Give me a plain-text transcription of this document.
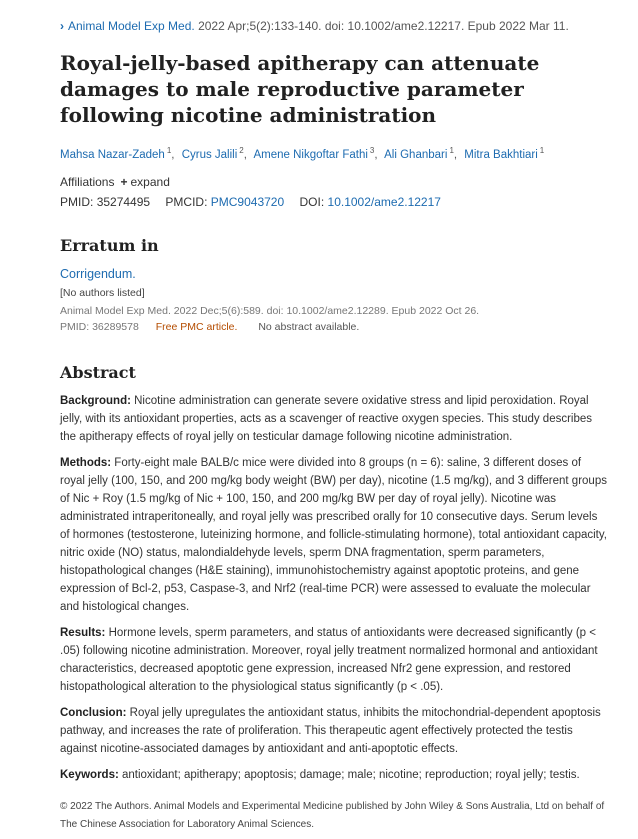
› Animal Model Exp Med. 2022 Apr;5(2):133-140. doi: 10.1002/ame2.12217. Epub 2022 Mar 11.
Royal-jelly-based apitherapy can attenuate damages to male reproductive parameter following nicotine administration
Mahsa Nazar-Zadeh $^1$, Cyrus Jalili $^2$, Amene Nikgoftar Fathi $^3$, Ali Ghanbari $^1$, Mitra Bakhtiari $^1$
Affiliations + expand
PMID: 35274495 PMCID: PMC9043720 DOI: 10.1002/ame2.12217
Erratum in
Corrigendum.
[No authors listed]
Animal Model Exp Med. 2022 Dec;5(6):589. doi: 10.1002/ame2.12289. Epub 2022 Oct 26.
PMID: 36289578 Free PMC article. No abstract available.
Abstract

Background: Nicotine administration can generate severe oxidative stress and lipid peroxidation. Royal jelly, with its antioxidant properties, acts as a scavenger of reactive oxygen species. This study describes the apitherapy effects of royal jelly on testicular damage following nicotine administration.

Methods: Forty-eight male BALB/c mice were divided into 8 groups (n = 6): saline, 3 different doses of royal jelly (100, 150, and 200 mg/kg body weight (BW) per day), nicotine (1.5 mg/kg), and 3 different groups of Nic + Roy (1.5 mg/kg of Nic + 100, 150, and 200 mg/kg BW per day of royal jelly). Nicotine was administrated intraperitoneally, and royal jelly was prescribed orally for 10 consecutive days. Serum levels of hormones (testosterone, luteinizing hormone, and follicle-stimulating hormone), total antioxidant capacity, nitric oxide (NO) status, malondialdehyde levels, sperm DNA fragmentation, sperm parameters, histopathological changes (H&E staining), immunohistochemistry against apoptotic proteins, and gene expression of Bcl-2, p53, Caspase-3, and Nrf2 (real-time PCR) were assessed to evaluate the molecular and histological changes.

Results: Hormone levels, sperm parameters, and status of antioxidants were decreased significantly (p < .05) following nicotine administration. Moreover, royal jelly treatment normalized hormonal and antioxidant characteristics, decreased apoptotic gene expression, increased Nfr2 gene expression, and restored histopathological alteration to the physiological status significantly (p < .05).

Conclusion: Royal jelly upregulates the antioxidant status, inhibits the mitochondrial-dependent apoptosis pathway, and increases the rate of proliferation. This therapeutic agent effectively protected the testis against nicotine-associated damages by antioxidant and anti-apoptotic effects.

Keywords: antioxidant; apitherapy; apoptosis; damage; male; nicotine; reproduction; royal jelly; testis.

© 2022 The Authors. Animal Models and Experimental Medicine published by John Wiley & Sons Australia, Ltd on behalf of The Chinese Association for Laboratory Animal Sciences.
